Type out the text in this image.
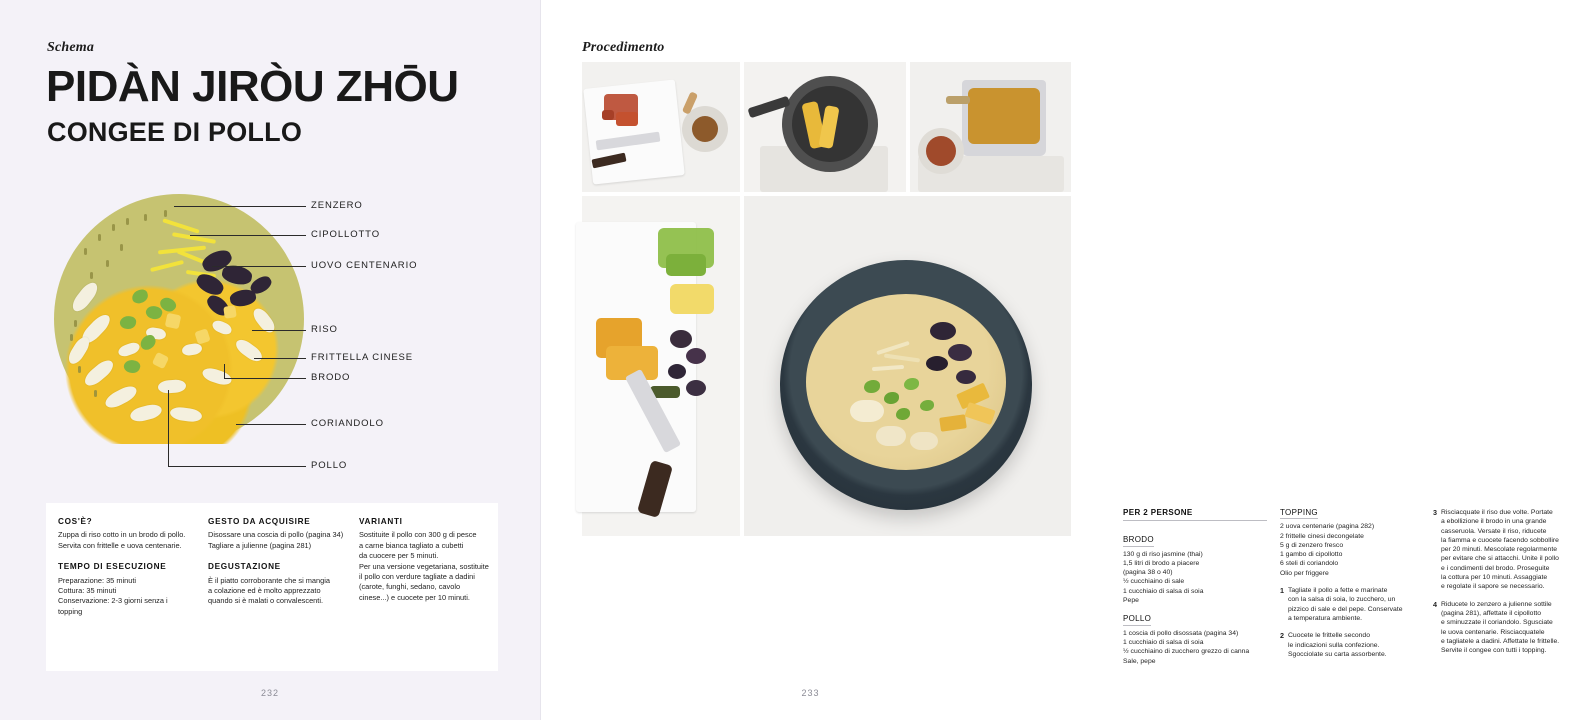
Schema
PIDÀN JIRÒU ZHŌU
CONGEE DI POLLO
ZENZERO
CIPOLLOTTO
UOVO CENTENARIO
RISO
FRITTELLA CINESE
BRODO
CORIANDOLO
POLLO
COS'È?

Zuppa di riso cotto in un brodo di pollo.

Servita con frittelle e uova centenarie.

TEMPO DI ESECUZIONE

Preparazione: 35 minuti

Cottura: 35 minuti

Conservazione: 2-3 giorni senza i topping

GESTO DA ACQUISIRE

Disossare una coscia di pollo (pagina 34)

Tagliare a julienne (pagina 281)

DEGUSTAZIONE

È il piatto corroborante che si mangia

a colazione ed è molto apprezzato

quando si è malati o convalescenti.

VARIANTI

Sostituite il pollo con 300 g di pesce

a carne bianca tagliato a cubetti

da cuocere per 5 minuti.

Per una versione vegetariana, sostituite

il pollo con verdure tagliate a dadini

(carote, funghi, sedano, cavolo

cinese...) e cuocete per 10 minuti.

232
Procedimento
PER 2 PERSONE
BRODO
130 g di riso jasmine (thai)
1,5 litri di brodo a piacere
(pagina 38 o 40)
½ cucchiaino di sale
1 cucchiaio di salsa di soia
Pepe
POLLO
1 coscia di pollo disossata (pagina 34)
1 cucchiaio di salsa di soia
½ cucchiaino di zucchero grezzo di canna
Sale, pepe
TOPPING
2 uova centenarie (pagina 282)
2 frittelle cinesi decongelate
5 g di zenzero fresco
1 gambo di cipollotto
6 steli di coriandolo
Olio per friggere
1 Tagliate il pollo a fette e marinate
con la salsa di soia, lo zucchero, un
pizzico di sale e del pepe. Conservate
a temperatura ambiente.
2 Cuocete le frittelle secondo
le indicazioni sulla confezione.
Sgocciolate su carta assorbente.
3 Risciacquate il riso due volte. Portate
a ebollizione il brodo in una grande
casseruola. Versate il riso, riducete
la fiamma e cuocete facendo sobbollire
per 20 minuti. Mescolate regolarmente
per evitare che si attacchi. Unite il pollo
e i condimenti del brodo. Proseguite
la cottura per 10 minuti. Assaggiate
e regolate il sapore se necessario.
4 Riducete lo zenzero a julienne sottile
(pagina 281), affettate il cipollotto
e sminuzzate il coriandolo. Sgusciate
le uova centenarie. Risciacquatele
e tagliatele a dadini. Affettate le frittelle.
Servite il congee con tutti i topping.
233
